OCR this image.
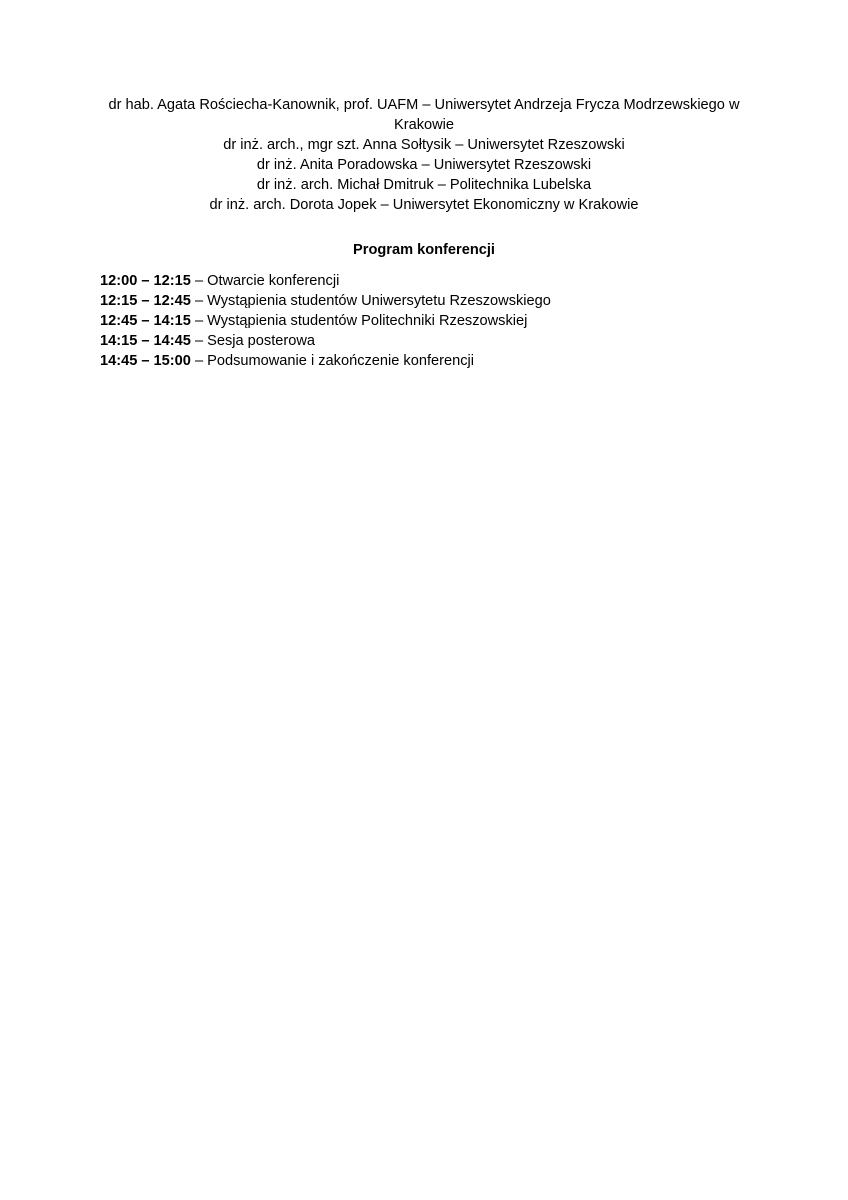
dr hab. Agata Rościecha-Kanownik, prof. UAFM – Uniwersytet Andrzeja Frycza Modrzewskiego w Krakowie
dr inż. arch., mgr szt. Anna Sołtysik – Uniwersytet Rzeszowski
dr inż. Anita Poradowska – Uniwersytet Rzeszowski
dr inż. arch. Michał Dmitruk – Politechnika Lubelska
dr inż. arch. Dorota Jopek – Uniwersytet Ekonomiczny w Krakowie
Program konferencji
12:00 – 12:15 – Otwarcie konferencji
12:15 – 12:45 – Wystąpienia studentów Uniwersytetu Rzeszowskiego
12:45 – 14:15 – Wystąpienia studentów Politechniki Rzeszowskiej
14:15 – 14:45 – Sesja posterowa
14:45 – 15:00 – Podsumowanie i zakończenie konferencji
